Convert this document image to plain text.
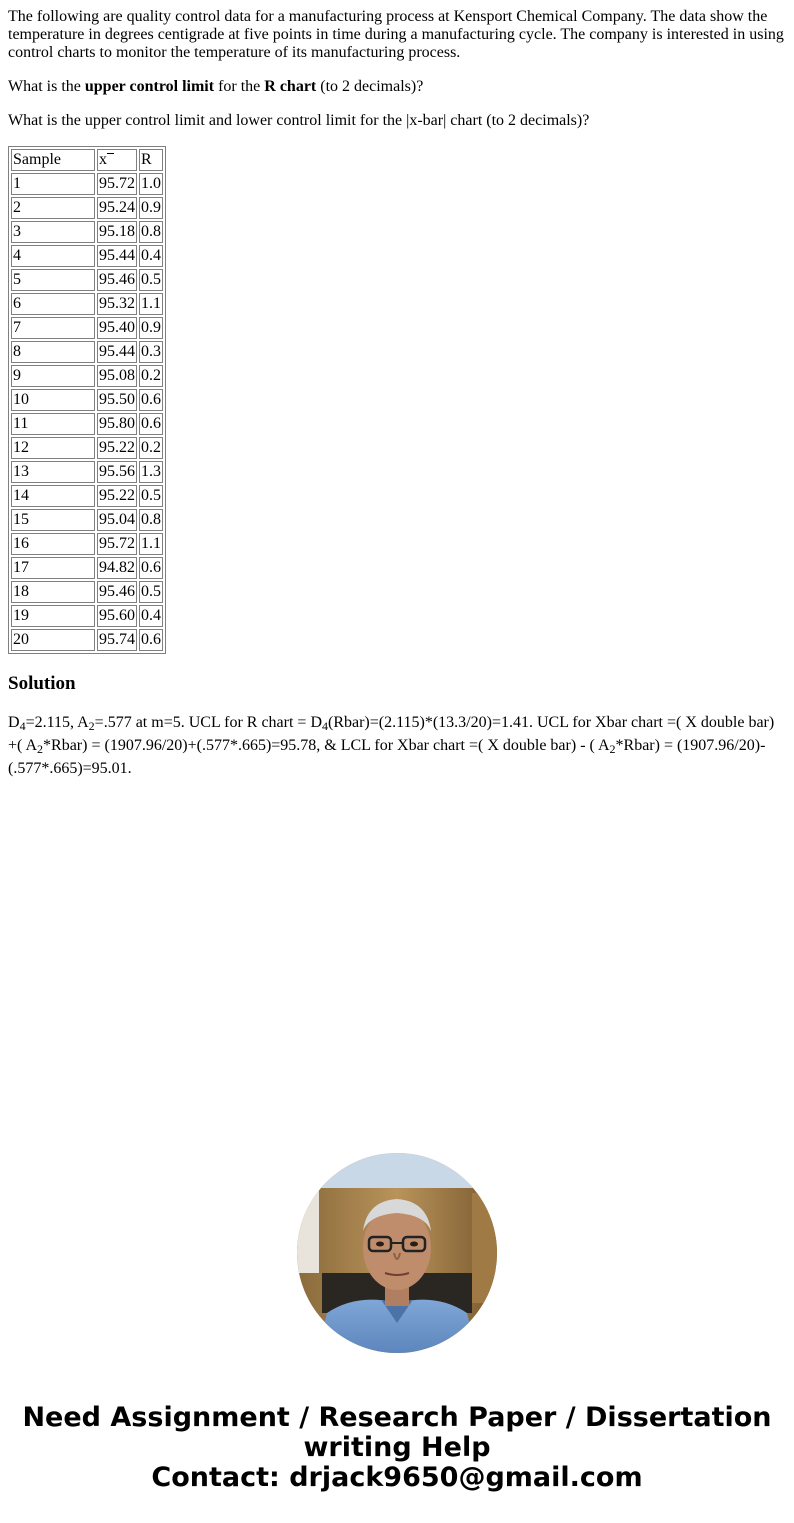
The following are quality control data for a manufacturing process at Kensport Chemical Company. The data show the temperature in degrees centigrade at five points in time during a manufacturing cycle. The company is interested in using control charts to monitor the temperature of its manufacturing process.

What is the upper control limit for the R chart (to 2 decimals)?

What is the upper control limit and lower control limit for the |x-bar| chart (to 2 decimals)?

Sample	x	R
1	95.72	1.0
2	95.24	0.9
3	95.18	0.8
4	95.44	0.4
5	95.46	0.5
6	95.32	1.1
7	95.40	0.9
8	95.44	0.3
9	95.08	0.2
10	95.50	0.6
11	95.80	0.6
12	95.22	0.2
13	95.56	1.3
14	95.22	0.5
15	95.04	0.8
16	95.72	1.1
17	94.82	0.6
18	95.46	0.5
19	95.60	0.4
20	95.74	0.6
Solution

$D_4=2.115$, $A_2=.577$ at m=5. UCL for R chart = $D_4(Rbar)=(2.115)*(13.3/20)=1.41$. UCL for Xbar chart =( X double bar) +( $A_2*Rbar) = (1907.96/20)+(.577*.665)=95.78$, & LCL for Xbar chart =( X double bar) - ( $A_2*Rbar) = (1907.96/20)-(.577*.665)=95.01$.

Need Assignment / Research Paper / Dissertation
writing Help
Contact: drjack9650@gmail.com
